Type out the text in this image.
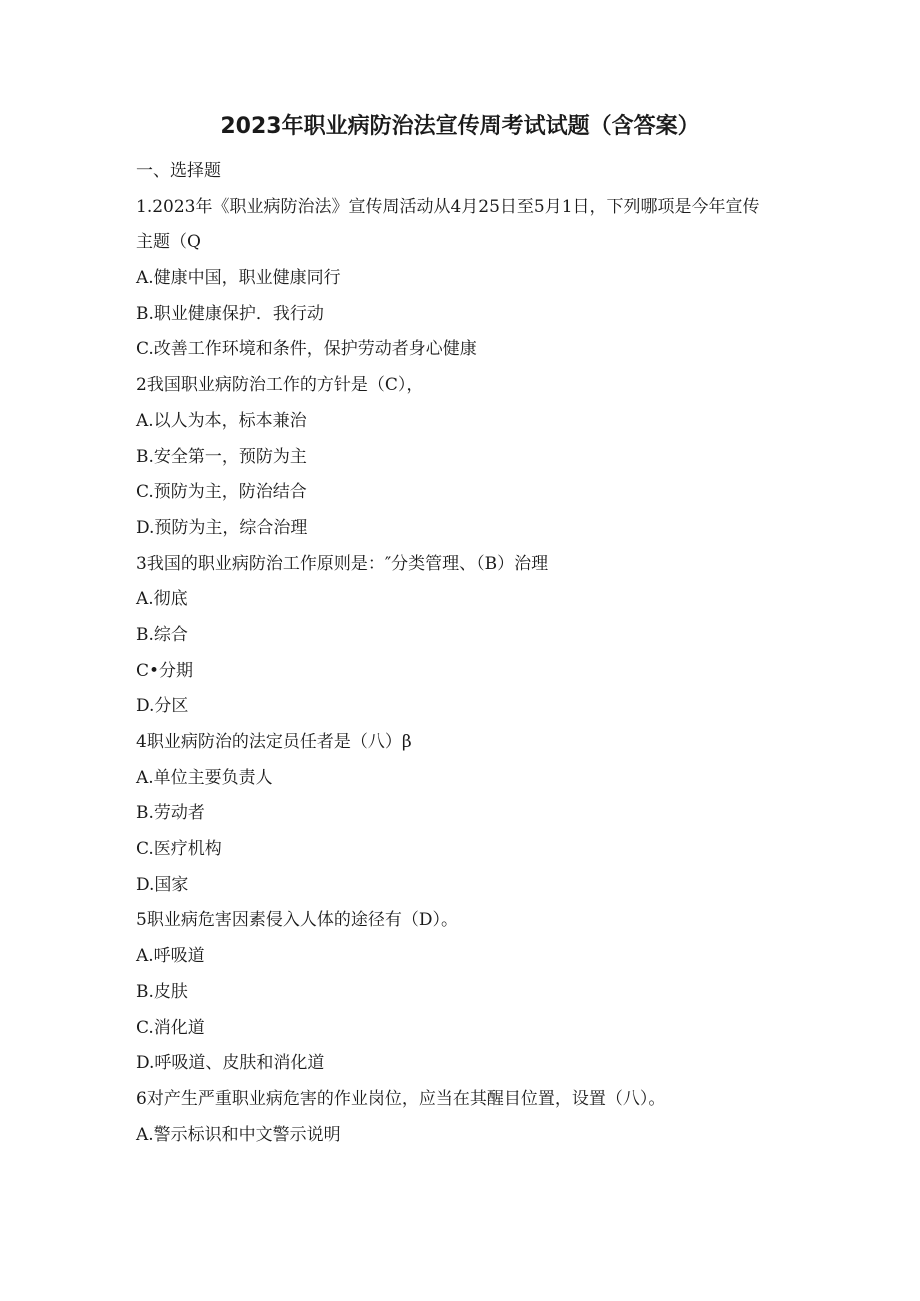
2023年职业病防治法宣传周考试试题（含答案）
一、选择题
1.2023年《职业病防治法》宣传周活动从4月25日至5月1日，下列哪项是今年宣传
主题（Q
A.健康中国，职业健康同行
B.职业健康保护．我行动
C.改善工作环境和条件，保护劳动者身心健康
2我国职业病防治工作的方针是（C），
A.以人为本，标本兼治
B.安全第一，预防为主
C.预防为主，防治结合
D.预防为主，综合治理
3我国的职业病防治工作原则是：″分类管理、（B）治理
A.彻底
B.综合
C•分期
D.分区
4职业病防治的法定员任者是（八）β
A.单位主要负责人
B.劳动者
C.医疗机构
D.国家
5职业病危害因素侵入人体的途径有（D）。
A.呼吸道
B.皮肤
C.消化道
D.呼吸道、皮肤和消化道
6对产生严重职业病危害的作业岗位，应当在其醒目位置，设置（八）。
A.警示标识和中文警示说明
